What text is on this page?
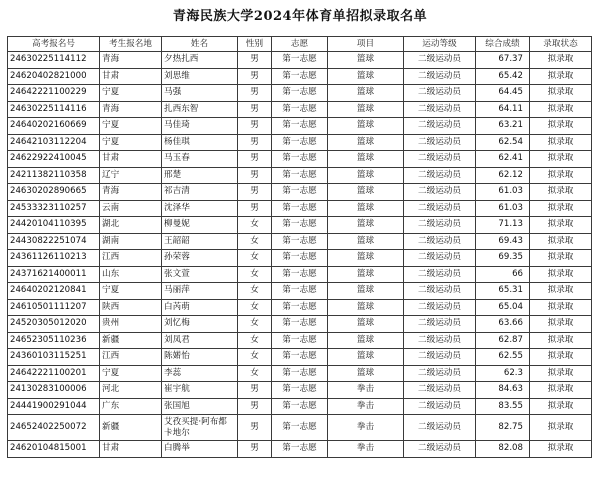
青海民族大学2024年体育单招拟录取名单
高考报名号	考生报名地	姓名	性别	志愿	项目	运动等级	综合成绩	录取状态
24630225114112	青海	夕热扎西	男	第一志愿	篮球	二级运动员	67.37	拟录取
24620402821000	甘肃	刘思维	男	第一志愿	篮球	二级运动员	65.42	拟录取
24642221100229	宁夏	马强	男	第一志愿	篮球	二级运动员	64.45	拟录取
24630225114116	青海	扎西东智	男	第一志愿	篮球	二级运动员	64.11	拟录取
24640202160669	宁夏	马佳琦	男	第一志愿	篮球	二级运动员	63.21	拟录取
24642103112204	宁夏	杨佳琪	男	第一志愿	篮球	二级运动员	62.54	拟录取
24622922410045	甘肃	马玉春	男	第一志愿	篮球	二级运动员	62.41	拟录取
24211382110358	辽宁	邢楚	男	第一志愿	篮球	二级运动员	62.12	拟录取
24630202890665	青海	祁吉清	男	第一志愿	篮球	二级运动员	61.03	拟录取
24533323110257	云南	沈泽华	男	第一志愿	篮球	二级运动员	61.03	拟录取
24420104110395	湖北	柳曼妮	女	第一志愿	篮球	二级运动员	71.13	拟录取
24430822251074	湖南	王韶韶	女	第一志愿	篮球	二级运动员	69.43	拟录取
24361126110213	江西	孙荣蓉	女	第一志愿	篮球	二级运动员	69.35	拟录取
24371621400011	山东	张文萱	女	第一志愿	篮球	二级运动员	66	拟录取
24640202120841	宁夏	马丽萍	女	第一志愿	篮球	二级运动员	65.31	拟录取
24610501111207	陕西	白芮萌	女	第一志愿	篮球	二级运动员	65.04	拟录取
24520305012020	贵州	刘忆梅	女	第一志愿	篮球	二级运动员	63.66	拟录取
24652305110236	新疆	刘凤君	女	第一志愿	篮球	二级运动员	62.87	拟录取
24360103115251	江西	陈婼怡	女	第一志愿	篮球	二级运动员	62.55	拟录取
24642221100201	宁夏	李蕊	女	第一志愿	篮球	二级运动员	62.3	拟录取
24130283100006	河北	崔宇航	男	第一志愿	拳击	二级运动员	84.63	拟录取
24441900291044	广东	张国旭	男	第一志愿	拳击	二级运动员	83.55	拟录取
24652402250072	新疆	艾孜买提·阿布都卡地尔	男	第一志愿	拳击	二级运动员	82.75	拟录取
24620104815001	甘肃	白腾举	男	第一志愿	拳击	二级运动员	82.08	拟录取
